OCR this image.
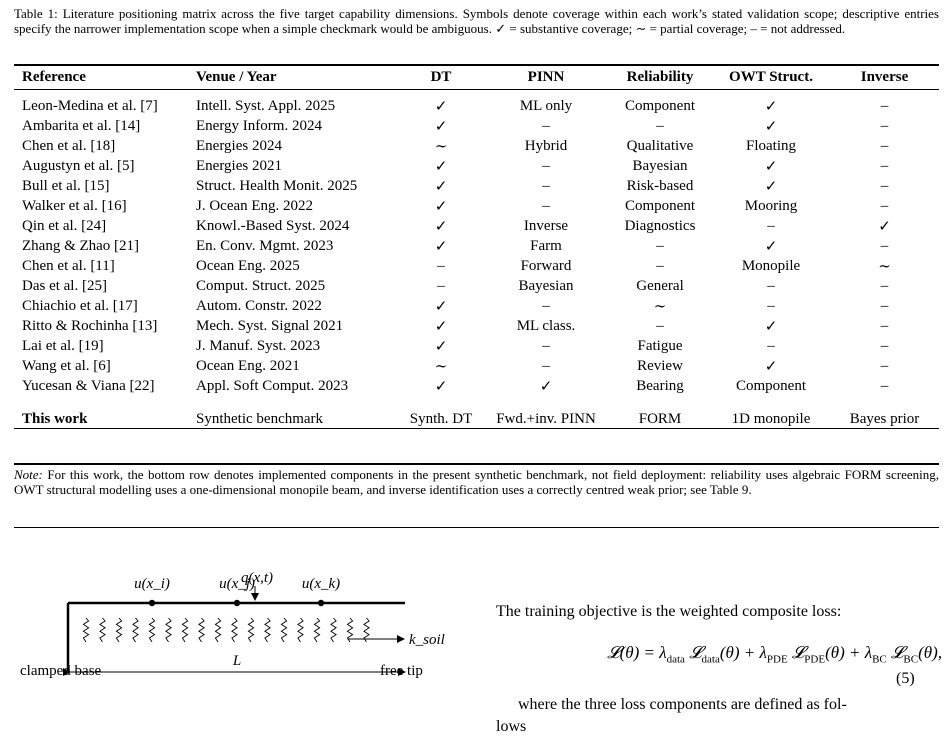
Table 1: Literature positioning matrix across the five target capability dimensions. Symbols denote coverage within each work’s stated validation scope; descriptive entries specify the narrower implementation scope when a simple checkmark would be ambiguous. ✓ = substantive coverage; ∼ = partial coverage; – = not addressed.
Reference	Venue / Year	DT	PINN	Reliability	OWT Struct.	Inverse
Leon-Medina et al. [7]	Intell. Syst. Appl. 2025	✓	ML only	Component	✓	–
Ambarita et al. [14]	Energy Inform. 2024	✓	–	–	✓	–
Chen et al. [18]	Energies 2024	∼	Hybrid	Qualitative	Floating	–
Augustyn et al. [5]	Energies 2021	✓	–	Bayesian	✓	–
Bull et al. [15]	Struct. Health Monit. 2025	✓	–	Risk-based	✓	–
Walker et al. [16]	J. Ocean Eng. 2022	✓	–	Component	Mooring	–
Qin et al. [24]	Knowl.-Based Syst. 2024	✓	Inverse	Diagnostics	–	✓
Zhang & Zhao [21]	En. Conv. Mgmt. 2023	✓	Farm	–	✓	–
Chen et al. [11]	Ocean Eng. 2025	–	Forward	–	Monopile	∼
Das et al. [25]	Comput. Struct. 2025	–	Bayesian	General	–	–
Chiachio et al. [17]	Autom. Constr. 2022	✓	–	∼	–	–
Ritto & Rochinha [13]	Mech. Syst. Signal 2021	✓	ML class.	–	✓	–
Lai et al. [19]	J. Manuf. Syst. 2023	✓	–	Fatigue	–	–
Wang et al. [6]	Ocean Eng. 2021	∼	–	Review	✓	–
Yucesan & Viana [22]	Appl. Soft Comput. 2023	✓	✓	Bearing	Component	–
This work	Synthetic benchmark	Synth. DT	Fwd.+inv. PINN	FORM	1D monopile	Bayes prior
Note: For this work, the bottom row denotes implemented components in the present synthetic benchmark, not field deployment: reliability uses algebraic FORM screening, OWT structural modelling uses a one-dimensional monopile beam, and inverse identification uses a correctly centred weak prior; see Table 9.
u(x_i)	u(x_j)
q(x,t) u(x_k)
k_soil
clamped base
L
free tip
The training objective is the weighted composite loss:
𝓛(θ) = $\lambda_{data}$ 𝓛$_{data}$(θ) + $\lambda_{PDE}$ 𝓛$_{PDE}$(θ) + $\lambda_{BC}$ 𝓛$_{BC}$(θ),
(5)
where the three loss components are defined as fol-
lows
